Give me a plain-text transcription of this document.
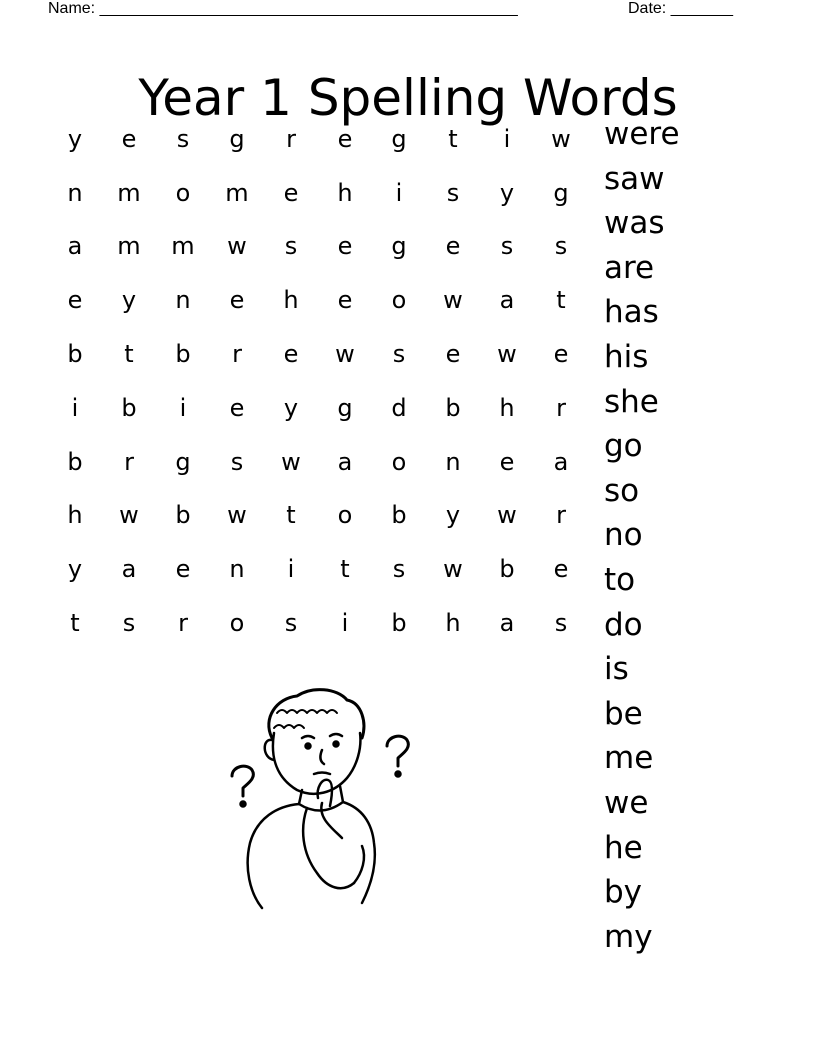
Name: _______________________________________________	Date: _______
Year 1 Spelling Words
y	e	s	g	r	e	g	t	i	w
n	m	o	m	e	h	i	s	y	g
a	m	m	w	s	e	g	e	s	s
e	y	n	e	h	e	o	w	a	t
b	t	b	r	e	w	s	e	w	e
i	b	i	e	y	g	d	b	h	r
b	r	g	s	w	a	o	n	e	a
h	w	b	w	t	o	b	y	w	r
y	a	e	n	i	t	s	w	b	e
t	s	r	o	s	i	b	h	a	s
were
saw
was
are
has
his
she
go
so
no
to
do
is
be
me
we
he
by
my
